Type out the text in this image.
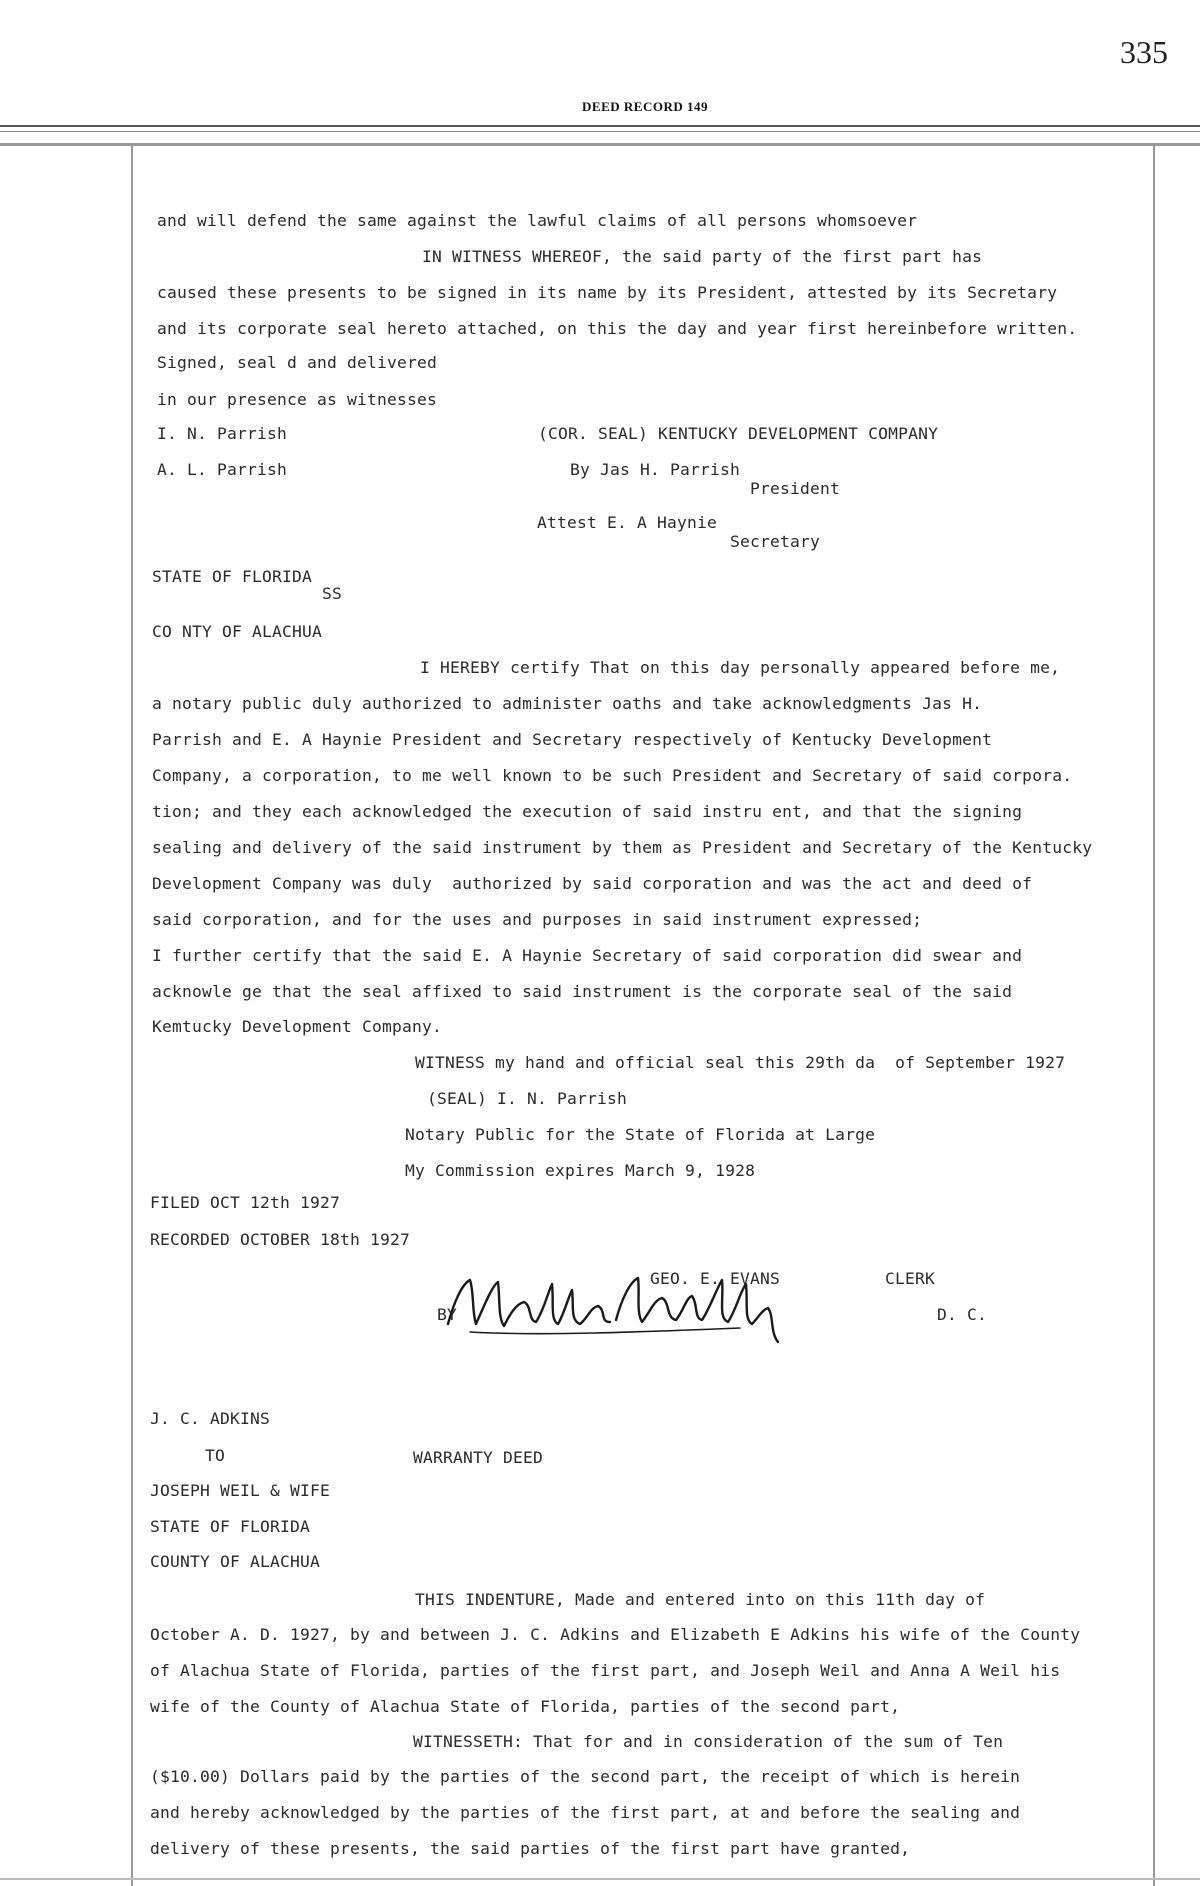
335
DEED RECORD 149
and will defend the same against the lawful claims of all persons whomsoever
IN WITNESS WHEREOF, the said party of the first part has
caused these presents to be signed in its name by its President, attested by its Secretary
and its corporate seal hereto attached, on this the day and year first hereinbefore written.
Signed, seal d and delivered
in our presence as witnesses
I. N. Parrish	(COR. SEAL) KENTUCKY DEVELOPMENT COMPANY
A. L. Parrish	By Jas H. Parrish
President
Attest E. A Haynie
Secretary
STATE OF FLORIDA
SS
CO NTY OF ALACHUA
I HEREBY certify That on this day personally appeared before me,
a notary public duly authorized to administer oaths and take acknowledgments Jas H.
Parrish and E. A Haynie President and Secretary respectively of Kentucky Development
Company, a corporation, to me well known to be such President and Secretary of said corpora.
tion; and they each acknowledged the execution of said instru ent, and that the signing
sealing and delivery of the said instrument by them as President and Secretary of the Kentucky
Development Company was duly  authorized by said corporation and was the act and deed of
said corporation, and for the uses and purposes in said instrument expressed;
I further certify that the said E. A Haynie Secretary of said corporation did swear and
acknowle ge that the seal affixed to said instrument is the corporate seal of the said
Kemtucky Development Company.
WITNESS my hand and official seal this 29th da  of September 1927
(SEAL) I. N. Parrish
Notary Public for the State of Florida at Large
My Commission expires March 9, 1928
FILED OCT 12th 1927
RECORDED OCTOBER 18th 1927
GEO. E. EVANS	CLERK
BY	D. C.
J. C. ADKINS
TO	WARRANTY DEED
JOSEPH WEIL & WIFE
STATE OF FLORIDA
COUNTY OF ALACHUA
THIS INDENTURE, Made and entered into on this 11th day of
October A. D. 1927, by and between J. C. Adkins and Elizabeth E Adkins his wife of the County
of Alachua State of Florida, parties of the first part, and Joseph Weil and Anna A Weil his
wife of the County of Alachua State of Florida, parties of the second part,
WITNESSETH: That for and in consideration of the sum of Ten
($10.00) Dollars paid by the parties of the second part, the receipt of which is herein
and hereby acknowledged by the parties of the first part, at and before the sealing and
delivery of these presents, the said parties of the first part have granted,
